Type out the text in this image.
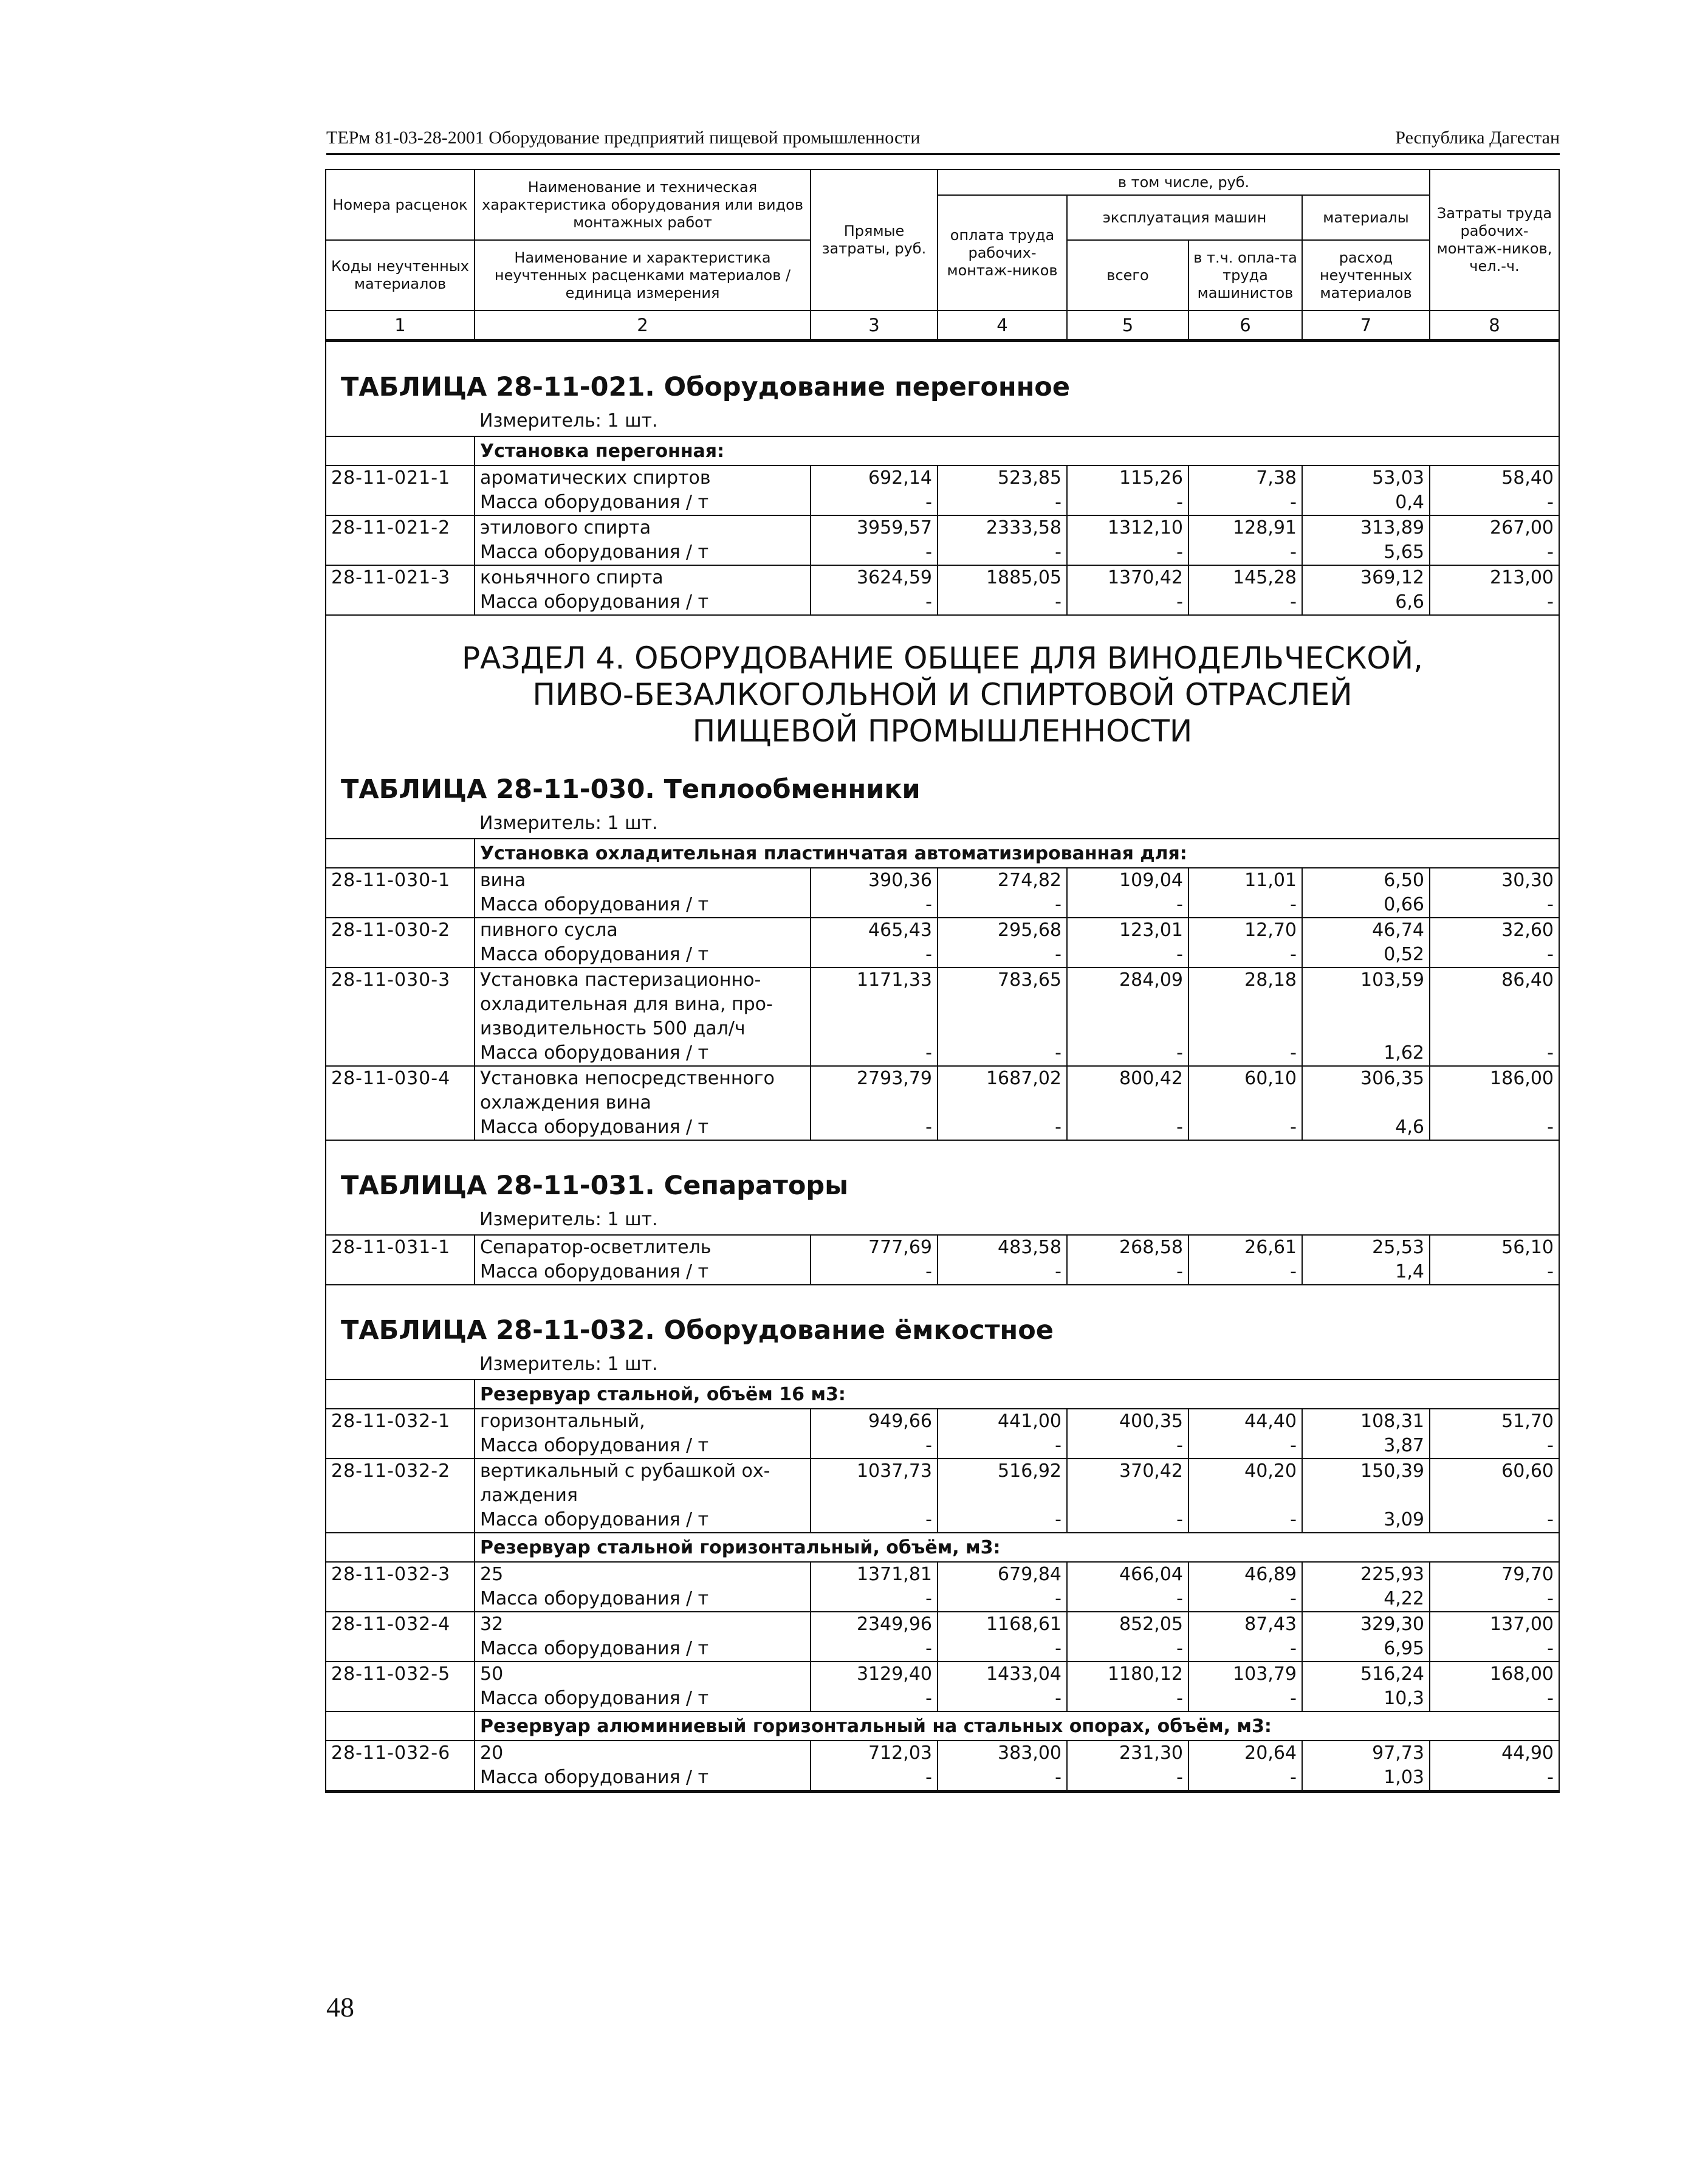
ТЕРм 81-03-28-2001 Оборудование предприятий пищевой промышленности	Республика Дагестан
Номера расценок	Наименование и техническая характеристика оборудования или видов монтажных работ	Прямые затраты, руб.	в том числе, руб.				Затраты труда рабочих-монтаж-ников, чел.-ч.
			оплата труда рабочих-монтаж-ников	эксплуатация машин		материалы	
Коды неучтенных материалов	Наименование и характеристика неучтенных расценками материалов / единица измерения			всего	в т.ч. опла-та труда машинистов	расход неучтенных материалов	

1	2	3	4	5	6	7	8
ТАБЛИЦА 28-11-021. Оборудование перегонное							
	Измеритель: 1 шт.						
	Установка перегонная:						
28-11-021-1	ароматических спиртов	692,14	523,85	115,26	7,38	53,03	58,40
	Масса оборудования / т	-	-	-	-	0,4	-
28-11-021-2	этилового спирта	3959,57	2333,58	1312,10	128,91	313,89	267,00
	Масса оборудования / т	-	-	-	-	5,65	-
28-11-021-3	коньячного спирта	3624,59	1885,05	1370,42	145,28	369,12	213,00
	Масса оборудования / т	-	-	-	-	6,6	-

РАЗДЕЛ 4. ОБОРУДОВАНИЕ ОБЩЕЕ ДЛЯ ВИНОДЕЛЬЧЕСКОЙ,
ПИВО-БЕЗАЛКОГОЛЬНОЙ И СПИРТОВОЙ ОТРАСЛЕЙ
ПИЩЕВОЙ ПРОМЫШЛЕННОСТИ							

ТАБЛИЦА 28-11-030. Теплообменники							
	Измеритель: 1 шт.						
	Установка охладительная пластинчатая автоматизированная для:						
28-11-030-1	вина	390,36	274,82	109,04	11,01	6,50	30,30
	Масса оборудования / т	-	-	-	-	0,66	-
28-11-030-2	пивного сусла	465,43	295,68	123,01	12,70	46,74	32,60
	Масса оборудования / т	-	-	-	-	0,52	-
28-11-030-3	Установка пастеризационно-
охладительная для вина, про-
изводительность 500 дал/ч	1171,33	783,65	284,09	28,18	103,59	86,40
	Масса оборудования / т	-	-	-	-	1,62	-
28-11-030-4	Установка непосредственного
охлаждения вина	2793,79	1687,02	800,42	60,10	306,35	186,00
	Масса оборудования / т	-	-	-	-	4,6	-
ТАБЛИЦА 28-11-031. Сепараторы							
	Измеритель: 1 шт.						
28-11-031-1	Сепаратор-осветлитель	777,69	483,58	268,58	26,61	25,53	56,10
	Масса оборудования / т	-	-	-	-	1,4	-
ТАБЛИЦА 28-11-032. Оборудование ёмкостное							
	Измеритель: 1 шт.						
	Резервуар стальной, объём 16 м3:						
28-11-032-1	горизонтальный,	949,66	441,00	400,35	44,40	108,31	51,70
	Масса оборудования / т	-	-	-	-	3,87	-
28-11-032-2	вертикальный с рубашкой ох-
лаждения	1037,73	516,92	370,42	40,20	150,39	60,60
	Масса оборудования / т	-	-	-	-	3,09	-
	Резервуар стальной горизонтальный, объём, м3:						
28-11-032-3	25	1371,81	679,84	466,04	46,89	225,93	79,70
	Масса оборудования / т	-	-	-	-	4,22	-
28-11-032-4	32	2349,96	1168,61	852,05	87,43	329,30	137,00
	Масса оборудования / т	-	-	-	-	6,95	-
28-11-032-5	50	3129,40	1433,04	1180,12	103,79	516,24	168,00
	Масса оборудования / т	-	-	-	-	10,3	-
	Резервуар алюминиевый горизонтальный на стальных опорах, объём, м3:						
28-11-032-6	20	712,03	383,00	231,30	20,64	97,73	44,90
	Масса оборудования / т	-	-	-	-	1,03	-
48
